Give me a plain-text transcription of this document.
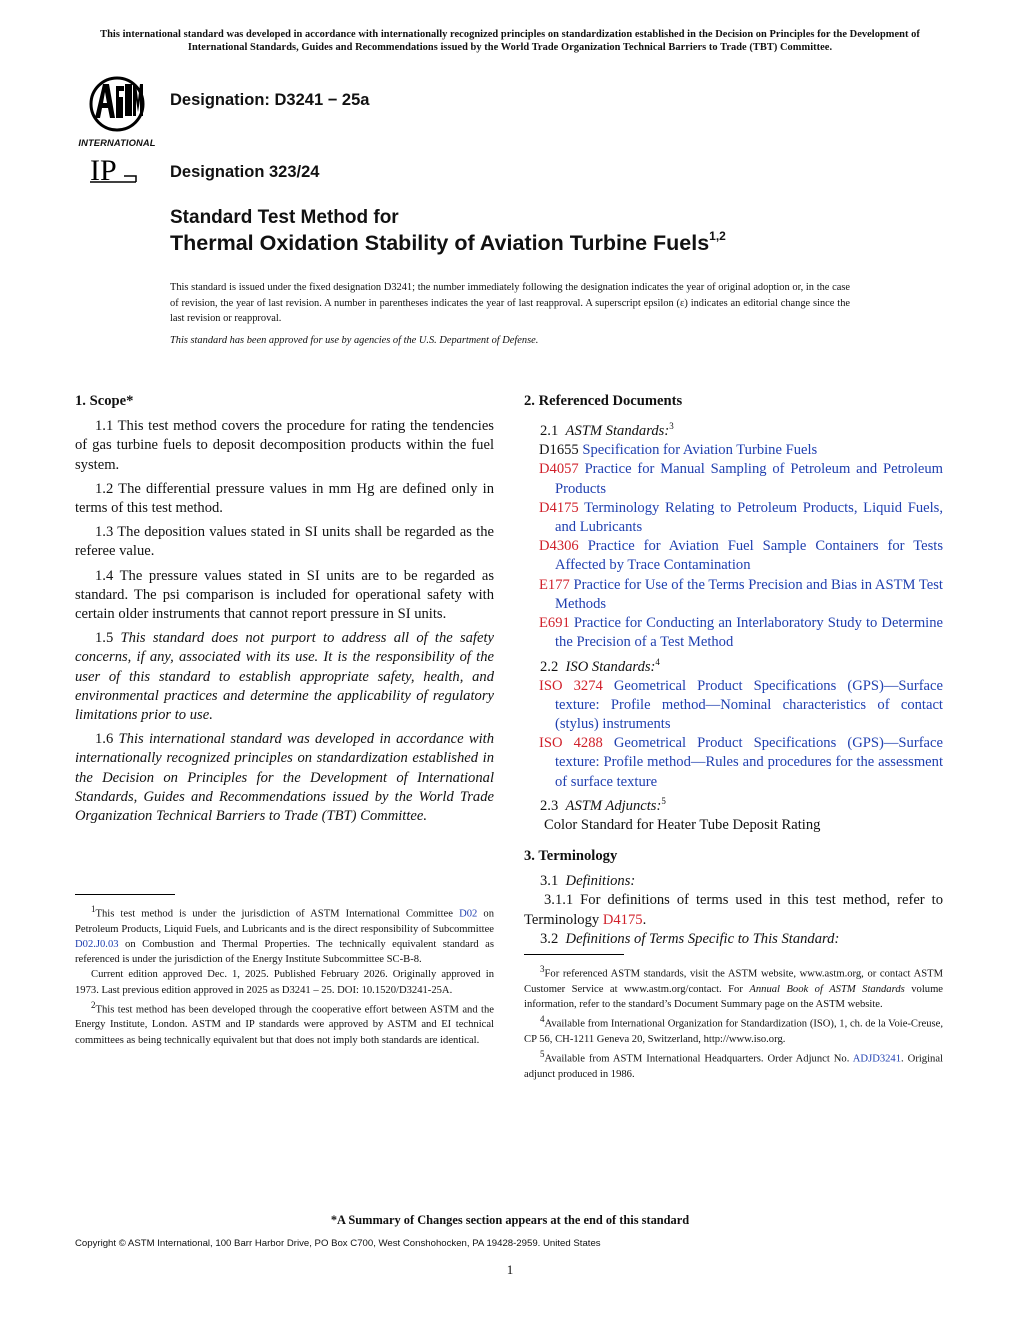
This international standard was developed in accordance with internationally recognized principles on standardization established in the Decision on Principles for the Development of International Standards, Guides and Recommendations issued by the World Trade Organization Technical Barriers to Trade (TBT) Committee.
INTERNATIONAL
Designation: D3241 − 25a
I P	Designation 323/24
Standard Test Method for
Thermal Oxidation Stability of Aviation Turbine Fuels$^{1,2}$
This standard is issued under the fixed designation D3241; the number immediately following the designation indicates the year of original adoption or, in the case of revision, the year of last revision. A number in parentheses indicates the year of last reapproval. A superscript epsilon (ε) indicates an editorial change since the last revision or reapproval.
This standard has been approved for use by agencies of the U.S. Department of Defense.
1. Scope*

1.1 This test method covers the procedure for rating the tendencies of gas turbine fuels to deposit decomposition products within the fuel system.

1.2 The differential pressure values in mm Hg are defined only in terms of this test method.

1.3 The deposition values stated in SI units shall be regarded as the referee value.

1.4 The pressure values stated in SI units are to be regarded as standard. The psi comparison is included for operational safety with certain older instruments that cannot report pressure in SI units.

1.5 This standard does not purport to address all of the safety concerns, if any, associated with its use. It is the responsibility of the user of this standard to establish appropriate safety, health, and environmental practices and determine the applicability of regulatory limitations prior to use.

1.6 This international standard was developed in accordance with internationally recognized principles on standardization established in the Decision on Principles for the Development of International Standards, Guides and Recommendations issued by the World Trade Organization Technical Barriers to Trade (TBT) Committee.

2. Referenced Documents

2.1 ASTM Standards:$^3$

D1655 Specification for Aviation Turbine Fuels

D4057 Practice for Manual Sampling of Petroleum and Petroleum Products

D4175 Terminology Relating to Petroleum Products, Liquid Fuels, and Lubricants

D4306 Practice for Aviation Fuel Sample Containers for Tests Affected by Trace Contamination

E177 Practice for Use of the Terms Precision and Bias in ASTM Test Methods

E691 Practice for Conducting an Interlaboratory Study to Determine the Precision of a Test Method

2.2 ISO Standards:$^4$

ISO 3274 Geometrical Product Specifications (GPS)—Surface texture: Profile method—Nominal characteristics of contact (stylus) instruments

ISO 4288 Geometrical Product Specifications (GPS)—Surface texture: Profile method—Rules and procedures for the assessment of surface texture

2.3 ASTM Adjuncts:$^5$

Color Standard for Heater Tube Deposit Rating

3. Terminology

3.1 Definitions:

3.1.1 For definitions of terms used in this test method, refer to Terminology D4175.

3.2 Definitions of Terms Specific to This Standard:

$^1$This test method is under the jurisdiction of ASTM International Committee D02 on Petroleum Products, Liquid Fuels, and Lubricants and is the direct responsibility of Subcommittee D02.J0.03 on Combustion and Thermal Properties. The technically equivalent standard as referenced is under the jurisdiction of the Energy Institute Subcommittee SC-B-8.

Current edition approved Dec. 1, 2025. Published February 2026. Originally approved in 1973. Last previous edition approved in 2025 as D3241 – 25. DOI: 10.1520/D3241-25A.

$^2$This test method has been developed through the cooperative effort between ASTM and the Energy Institute, London. ASTM and IP standards were approved by ASTM and EI technical committees as being technically equivalent but that does not imply both standards are identical.

$^3$For referenced ASTM standards, visit the ASTM website, www.astm.org, or contact ASTM Customer Service at www.astm.org/contact. For Annual Book of ASTM Standards volume information, refer to the standard’s Document Summary page on the ASTM website.

$^4$Available from International Organization for Standardization (ISO), 1, ch. de la Voie-Creuse, CP 56, CH-1211 Geneva 20, Switzerland, http://www.iso.org.

$^5$Available from ASTM International Headquarters. Order Adjunct No. ADJD3241. Original adjunct produced in 1986.

*A Summary of Changes section appears at the end of this standard
Copyright © ASTM International, 100 Barr Harbor Drive, PO Box C700, West Conshohocken, PA 19428-2959. United States
1
